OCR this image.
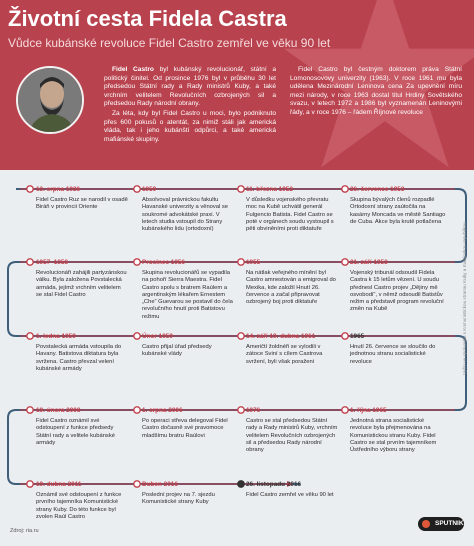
Životní cesta Fidela Castra
Vůdce kubánské revoluce Fidel Castro zemřel ve věku 90 let

Fidel Castro byl kubánský revolucionář, státní a politický činitel. Od prosince 1976 byl v průběhu 30 let předsedou Státní rady a Rady ministrů Kuby, a také vrchním velitelem Revolučních ozbrojených sil a předsedou Rady národní obrany.

Za léta, kdy byl Fidel Castro u moci, bylo podniknuto přes 600 pokusů o atentát, za nimiž stáli jak americká vláda, tak i jeho kubánští odpůrci, a také americká mafiánské skupiny.

Fidel Castro byl čestným doktorem práva Státní Lomonosovovy univerzity (1963). V roce 1961 mu byla udělena Mezinárodní Leninova cena Za upevnění míru mezi národy, v roce 1963 dostal titul Hrdiny Sovětského svazu, v letech 1972 a 1986 byl vyznamenán Leninovými řády, a v roce 1976 – řádem Říjnové revoluce

13. srpna 1926
Fidel Castro Ruz se narodil v osadě Biráň v provincii Oriente
1950
Absolvoval právnickou fakultu Havanské univerzity a věnoval se soukromé advokátské praxi. V letech studia vstoupil do Strany kubánského lidu (ortodoxní)
11. března 1952
V důsledku vojenského převratu moc na Kubě uchvátil generál Fulgencio Batista. Fidel Castro se poté v orgánech soudu vystoupil s pěti obviněními proti diktatuře
26. července 1953
Skupina bývalých členů rozpadlé Ortodoxní strany zaútočila na kasárny Moncada ve městě Santiago de Cuba. Akce byla krutě potlačena
1957–1958
Revolucionáři zahájili partyzánskou válku. Byla založena Povstalecká armáda, jejímž vrchním velitelem se stal Fidel Castro
Prosinec 1956
Skupina revolucionářů se vypadila na pohoří Sierra Maestra. Fidel Castro spolu s bratrem Raúlem a argentinským lékařem Ernestem „Che“ Guevarou se postavil do čela revolučního hnutí proti Batistovu režimu
1955
Na nátlak veřejného mínění byl Castro amnestován a emigroval do Mexika, kde založil Hnutí 26. července a začal připravovat ozbrojený boj proti diktatuře
21. září 1953
Vojenský tribunál odsoudil Fidela Castra k 15 letům vězení. U soudu přednesl Castro projev „Dějiny mě osvobodí“, v němž odsoudil Batistův režim a představil program revoluční změn na Kubě
1. ledna 1959
Povstalecká armáda vstoupila do Havany. Batistova diktatura byla svržena. Castro převzal velení kubánské armády
Únor 1959
Castro přijal úřad předsedy kubánské vlády
14. září 19. dubna 1961
Američtí žoldnéři se vylodili v zátoce Sviní s cílem Castrova svržení, byli však poraženi
1965
Hnutí 26. července se sloučilo do jednotnou stranu socialistické revoluce
19. února 2008
Fidel Castro oznámil své odstoupení z funkce předsedy Státní rady a velitele kubánské armády
1. srpna 2006
Po operaci střeva delegoval Fidel Castro dočasně své pravomoce mladšímu bratru Raúlovi
1976
Castro se stal předsedou Státní rady a Rady ministrů Kuby, vrchním velitelem Revolučních ozbrojených sil a předsedou Rady národní obrany
1. října 1965
Jednotná strana socialistické revoluce byla přejmenována na Komunistickou stranu Kuby. Fidel Castro se stal prvním tajemníkem Ústředního výboru strany
19. dubna 2011
Oznámil své odstoupení z funkce prvního tajemníka Komunistické strany Kuby. Do této funkce byl zvolen Raúl Castro
Duben 2016
Poslední projev na 7. sjezdu Komunistické strany Kuby
26. listopadu 2016
Fidel Castro zemřel ve věku 90 let
Vyšlo ve spolupráci s Komunistickou stranou Kuby a Kubánskou republikou
Zdroj: ria.ru
SPUTNIK
